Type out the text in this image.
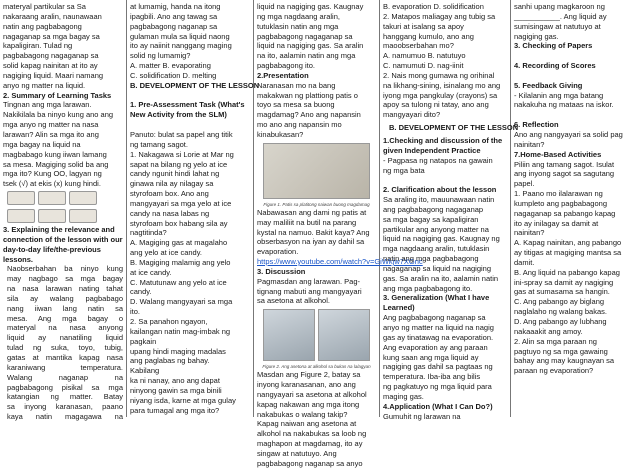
materyal partikular sa Sa
nakaraang aralin, naunawaan
natin ang pagbabagong
nagaganap sa mga bagay sa
kapaligiran. Tulad ng
pagbabagong nagaganap sa
solid kapag nainitan at ito ay
nagiging liquid. Maari namang
anyo ng matter na liquid.
2. Summary of Learning Tasks
Tingnan ang mga larawan.
Nakikilala ba ninyo kung ano ang
mga anyo ng matter na nasa
larawan? Alin sa mga ito ang
mga bagay na liquid na
magbabago kung iiwan lamang
sa mesa. Magiging solid ba ang
mga ito? Kung OO, lagyan ng
tsek (√) at ekis (x) kung hindi.
3. Explaining the relevance and
connection of the lesson with our
day-to-day life/the-previous
lessons.
Naobserbahan ba ninyo kung
may nagbago sa mga bagay
na nasa larawan nating tahat
sila ay walang pagbabago
nang iiwan lang natin sa
mesa. Ang mga bagay o
materyal na nasa anyong
liquid ay nanatiling liquid
tulad ng suka, toyo, tubig,
gatas at mantika kapag nasa
karaniwang temperatura.
Walang naganap na
pagbabagong pisikal sa mga
katangian ng matter. Batay
sa inyong karanasan, paano
kaya natin magagawa na
at lumamig, handa na itong
ipagbili. Ano ang tawag sa
pagbabagong naganap sa
gulaman mula sa liquid naong
ito ay naiinit nanggang maging
solid ng lumamig?
A. matter B. evaporating
C. solidification D. melting
B. DEVELOPMENT OF THE LESSON

1. Pre-Assessment Task (What's
New Activity from the SLM)

Panuto: bulat sa papel ang titik
ng tamang sagot.
1. Nakagawa si Lorie at Mar ng
sapat na bilang ng yelo at ice
candy ngunit hindi lahat ng
ginawa nila ay nilagay sa
styrofoam box. Ano ang
mangyayari sa mga yelo at ice
candy na nasa labas ng
styrofoam box habang sila ay
nagtitinda?
A. Magiging gas at magalaho
ang yelo at ice candy.
B. Magiging malamig ang yelo
at ice candy.
C. Matutunaw ang yelo at ice
candy.
D. Walang mangyayari sa mga
ito.
2. Sa panahon ngayon,
kailangan natin mag-imbak ng
pagkain
upang hindi maging madalas
ang paglabas ng bahay.
Kabilang
ka ni nanay, ano ang dapat
ninyong gawin sa mga binili
niyang isda, karne at mga gulay
para tumagal ang mga ito?
liquid na nagiging gas. Kaugnay
ng mga nagdaang aralin,
tutuklasin natin ang mga
pagbabagong nagaganap sa
liquid na nagiging gas. Sa aralin
na ito, aalamin natin ang mga
pagbabagong ito.
2.Presentation
Naranasan mo na bang
makakwan ng plattiong patis o
toyo sa mesa sa buong
magdamag? Ano ang napansin
mo ano ang napansin mo
kinabukasan?
Figure 1. Patis sa platitong naiwan buong magdamag
Nabawasan ang dami ng patis at
may maliliit na butil na parang
kystal na namuo. Bakit kaya? Ang
obserbasyon na iyan ay dahil sa
evaporation.
https://www.youtube.com/watch?v=GiWkjw7XGnc
3. Discussion
Pagmasdan ang larawan. Pag-
tignang mabuti ang mangyayari
sa asetona at alkohol.
Figure 2. Ang asetona at alkohol sa bukas na lalagyan
Masdan ang Figure 2, batay sa
inyong karanasanan, ano ang
nangyayari sa asetona at alkohol
kapag nakawan ang mga itong
nakabukas o walang takip?
Kapag naiwan ang asetona at
alkohol na nakabukas sa loob ng
maghapon at magdamag, ito ay
singaw at natutuyo. Ang
pagbabagong naganap sa anyo
B. evaporation D. solidification
2. Matapos maliagay ang tubig sa
takuri at isalang sa apoy
hanggang kumulo, ano ang
maoobserbahan mo?
A. namumuo B. natutuyo
C. namumuti D. nag-iinit
2. Nais mong gumawa ng orihinal
na likhang-sining, isinalang mo ang
iyong mga pangkulay (crayons) sa
apoy sa tulong ni tatay, ano ang
mangyayari dito?
B. DEVELOPMENT OF THE LESSON
1.Checking and discussion of the
given Independent Practice
- Pagpasa ng natapos na gawain
ng mga bata

2. Clarification about the lesson
Sa araling ito, mauunawaan natin
ang pagbabagong nagaganap
sa mga bagay sa kapaligiran
partikular ang anyong matter na
liquid na nagiging gas. Kaugnay ng
mga nagdaang aralin, tutuklasin
natin ang mga pagbabagong
nagaganap sa liquid na nagiging
gas. Sa aralin na ito, aalamin natin
ang mga pagbabagong ito.
3. Generalization (What I have
Learned)
Ang pagbabagong naganap sa
anyo ng matter na liquid na nagig
gas ay tinatawag na evaporation.
Ang evaporation ay ang paraan
kung saan ang mga liquid ay
nagiging gas dahil sa pagtaas ng
temperatura. Iba-iba ang bilis
ng pagkatuyo ng mga liquid para
maging gas.
4.Application (What I Can Do?)
Gumuhit ng larawan na
sanhi upang magkaroon ng
___________. Ang liquid ay
sumisingaw at natutuyo at
nagiging gas.
3. Checking of Papers

4. Recording of Scores

5. Feedback Giving
- Kilalanin ang mga batang
nakakuha ng mataas na iskor.

6. Reflection
Ano ang nangyayari sa solid pag
nainitan?
7.Home-Based Activities
Piliin ang tamang sagot. Isulat
ang inyong sagot sa sagutang
papel.
1. Paano mo ilalarawan ng
kumpleto ang pagbabagong
nagaganap sa pabango kapag
ito ay inilagay sa damit at
nainitan?
A. Kapag nainitan, ang pabango
ay titigas at magiging mantsa sa
damit.
B. Ang liquid na pabango kapag
ini-spray sa damit ay nagiging
gas at sumasama sa hangin.
C. Ang pabango ay biglang
naglalaho ng walang bakas.
D. Ang pabango ay lubhang
nakaaakit ang amoy.
2. Alin sa mga paraan ng
pagtuyo ng sa mga gawaing
bahay ang may kaugnayan sa
paraan ng evaporation?
